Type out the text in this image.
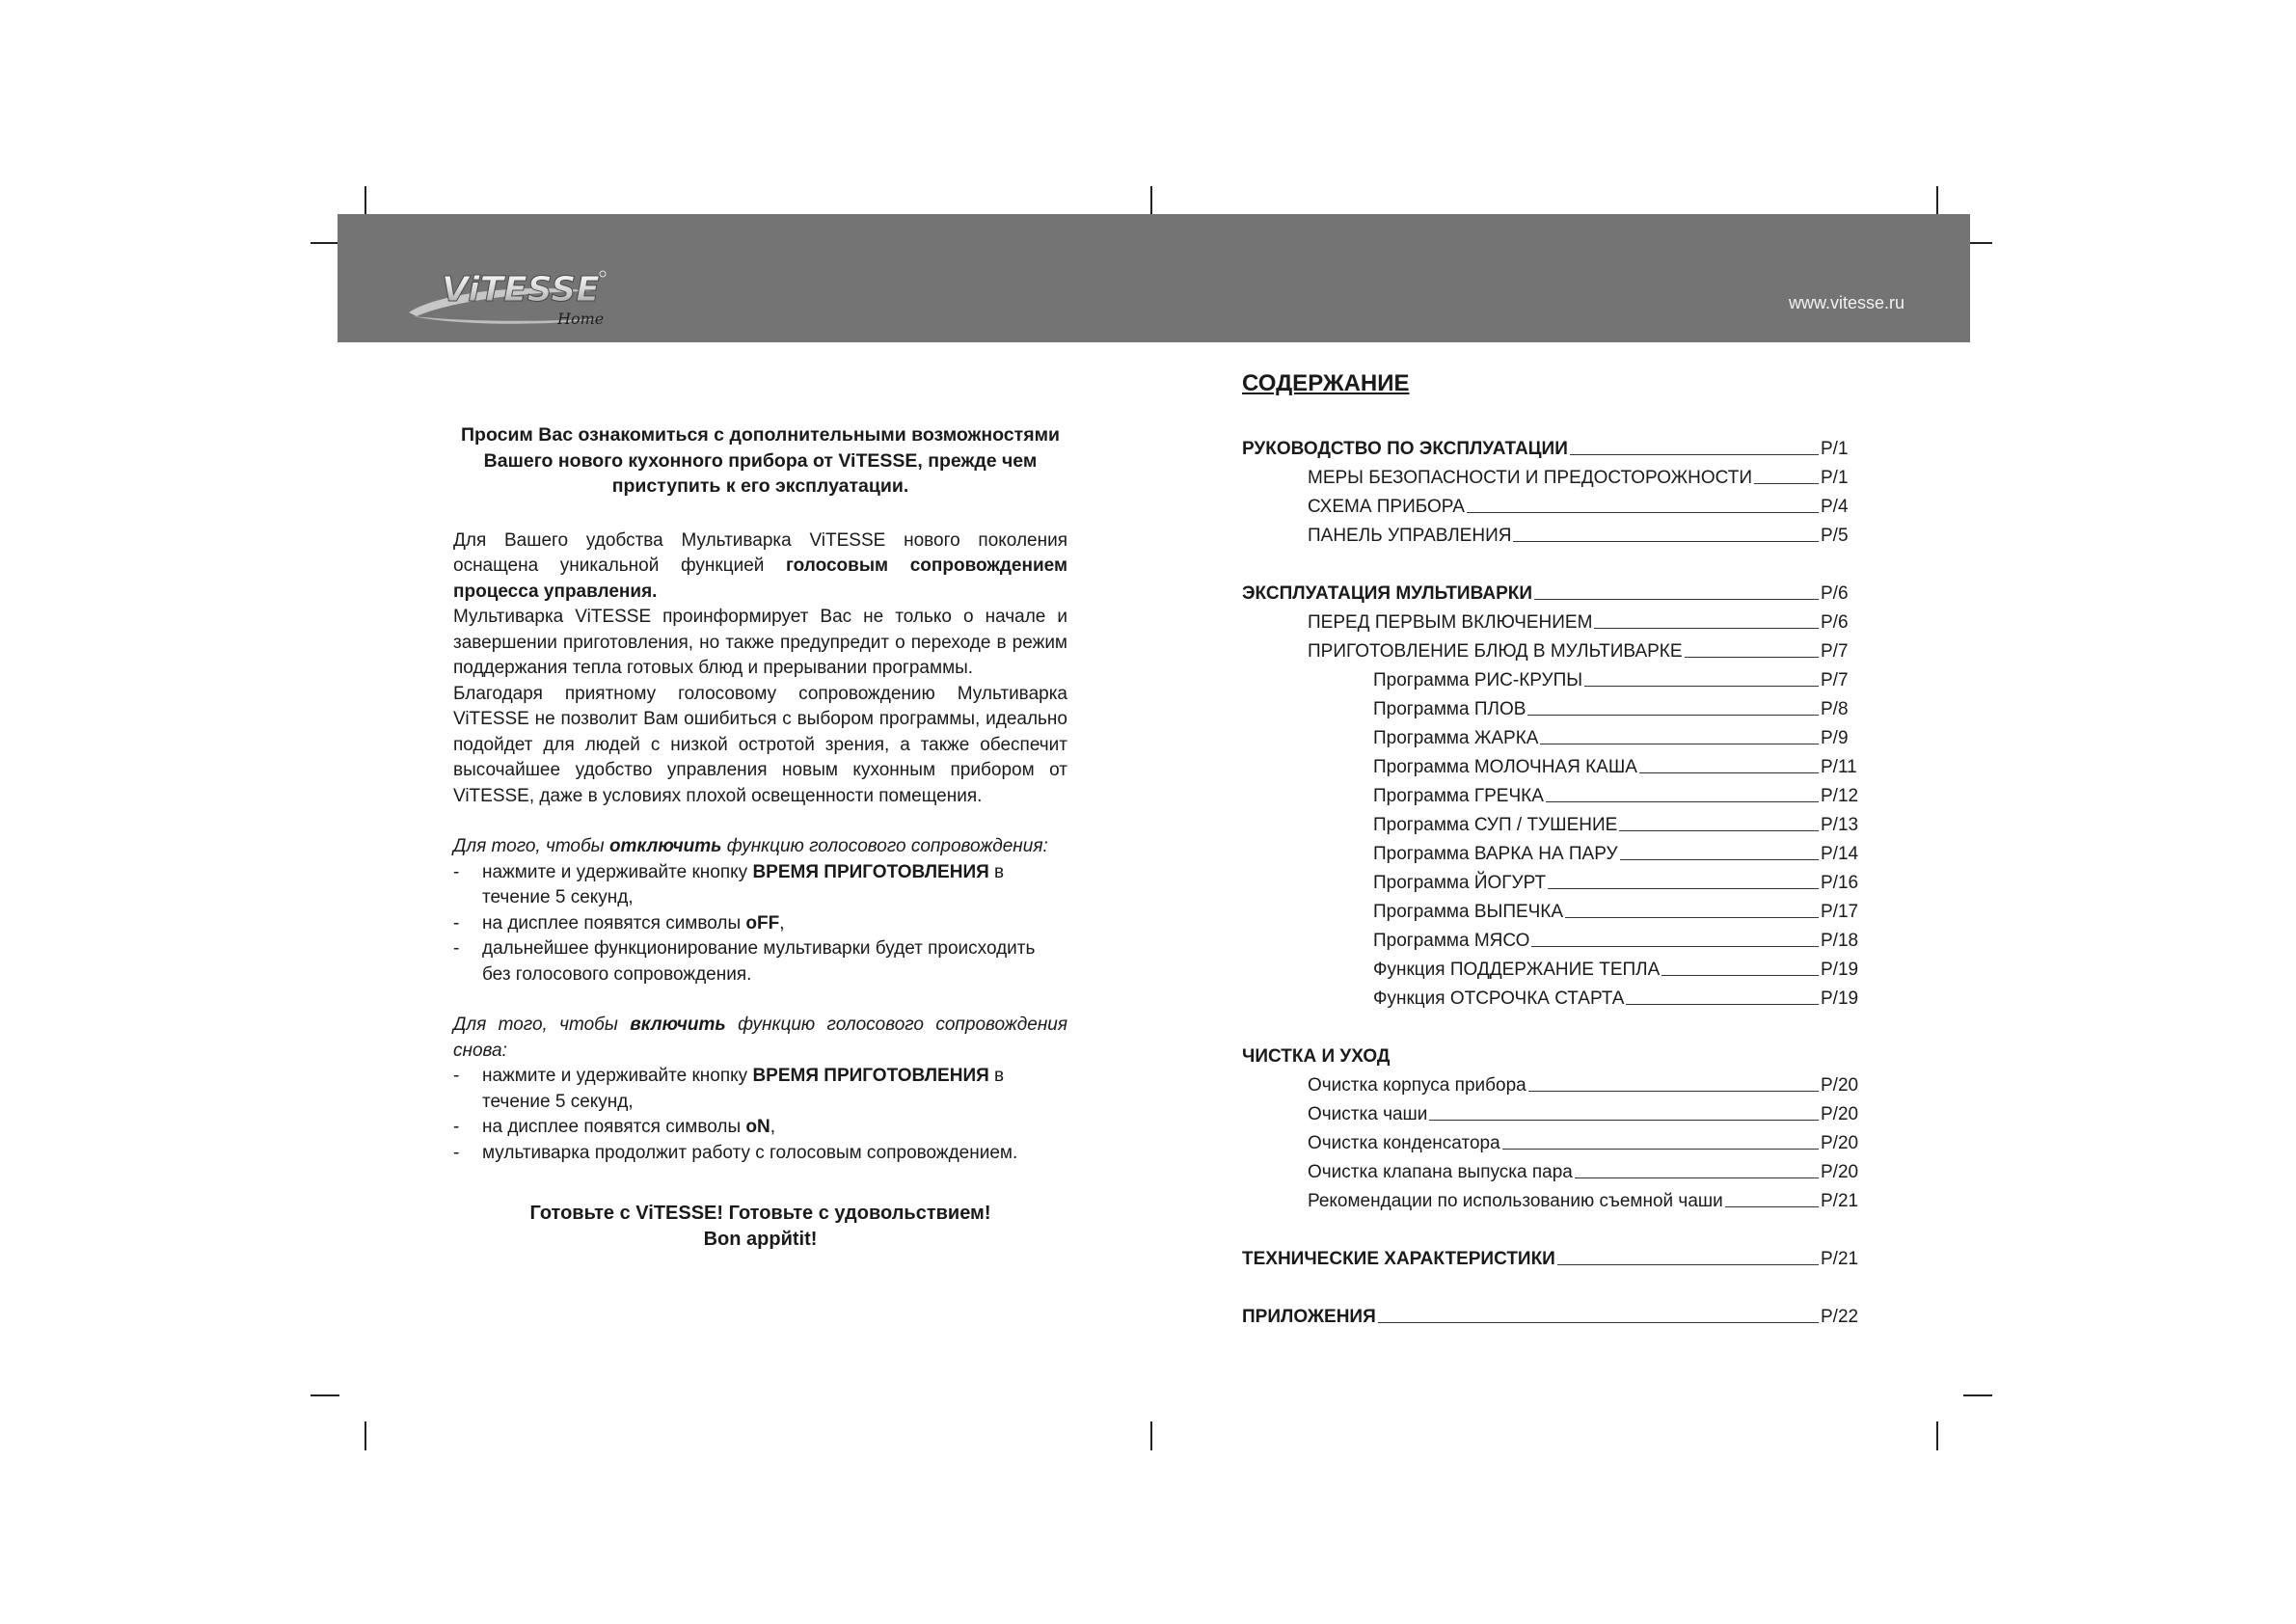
ViTESSE
Home
www.vitesse.ru
Просим Вас ознакомиться с дополнительными возможностями
Вашего нового кухонного прибора от ViTESSE, прежде чем
приступить к его эксплуатации.

Для Вашего удобства Мультиварка ViTESSE нового поколения оснащена уникальной функцией голосовым сопровождением процесса управления.

Мультиварка ViTESSE проинформирует Вас не только о начале и завершении приготовления, но также предупредит о переходе в режим поддержания тепла готовых блюд и прерывании программы.

Благодаря приятному голосовому сопровождению Мультиварка ViTESSE не позволит Вам ошибиться с выбором программы, идеально подойдет для людей с низкой остротой зрения, а также обеспечит высочайшее удобство управления новым кухонным прибором от ViTESSE, даже в условиях плохой освещенности помещения.

Для того, чтобы отключить функцию голосового сопровождения:

- нажмите и удерживайте кнопку ВРЕМЯ ПРИГОТОВЛЕНИЯ в течение 5 секунд,
- на дисплее появятся символы oFF,
- дальнейшее функционирование мультиварки будет происходить без голосового сопровождения.

Для того, чтобы включить функцию голосового сопровождения снова:

- нажмите и удерживайте кнопку ВРЕМЯ ПРИГОТОВЛЕНИЯ в течение 5 секунд,
- на дисплее появятся символы oN,
- мультиварка продолжит работу с голосовым сопровождением.
Готовьте с ViTESSE! Готовьте с удовольствием!
Bon appйtit!
СОДЕРЖАНИЕ
РУКОВОДСТВО ПО ЭКСПЛУАТАЦИИ	P/1
МЕРЫ БЕЗОПАСНОСТИ И ПРЕДОСТОРОЖНОСТИ	P/1
СХЕМА ПРИБОРА	P/4
ПАНЕЛЬ УПРАВЛЕНИЯ	P/5
ЭКСПЛУАТАЦИЯ МУЛЬТИВАРКИ	P/6
ПЕРЕД ПЕРВЫМ ВКЛЮЧЕНИЕМ	P/6
ПРИГОТОВЛЕНИЕ БЛЮД В МУЛЬТИВАРКЕ	P/7
Программа РИС-КРУПЫ	P/7
Программа ПЛОВ	P/8
Программа ЖАРКА	P/9
Программа МОЛОЧНАЯ КАША	P/11
Программа ГРЕЧКА	P/12
Программа СУП / ТУШЕНИЕ	P/13
Программа ВАРКА НА ПАРУ	P/14
Программа ЙОГУРТ	P/16
Программа ВЫПЕЧКА	P/17
Программа МЯСО	P/18
Функция ПОДДЕРЖАНИЕ ТЕПЛА	P/19
Функция ОТСРОЧКА СТАРТА	P/19
ЧИСТКА И УХОД
Очистка корпуса прибора	P/20
Очистка чаши	P/20
Очистка конденсатора	P/20
Очистка клапана выпуска пара	P/20
Рекомендации по использованию съемной чаши	P/21
ТЕХНИЧЕСКИЕ ХАРАКТЕРИСТИКИ	P/21
ПРИЛОЖЕНИЯ	P/22
